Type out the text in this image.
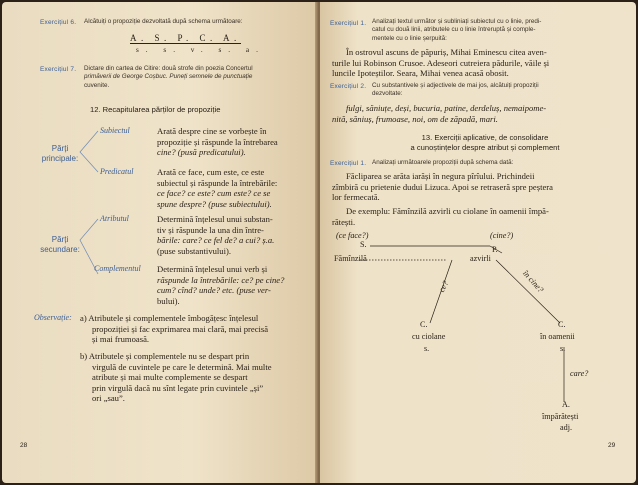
Exercițiul 6. Alcătuiți o propoziție dezvoltată după schema următoare:
A. S. P. C. A.
s. s. v. s. a.
Exercițiul 7. Dictare din cartea de Citire: două strofe din poezia Concertul
primăverii de George Coșbuc. Puneți semnele de punctuație
cuvenite.
12. Recapitularea părților de propoziție
Părți
principale:
Părți
secundare:
Subiectul	Arată despre cine se vorbește în
propoziție și răspunde la întrebarea
cine? (pusă predicatului).
Predicatul	Arată ce face, cum este, ce este
subiectul și răspunde la întrebările:
ce face? ce este? cum este? ce se
spune despre? (puse subiectului).
Atributul	Determină înțelesul unui substan-
tiv și răspunde la una din între-
bările: care? ce fel de? a cui? ș.a.
(puse substantivului).
Complementul Determină înțelesul unui verb și
răspunde la întrebările: ce? pe cine?
cum? cînd? unde? etc. (puse ver-
bului).
Observație: a) Atributele și complementele îmbogățesc înțelesul
propoziției și fac exprimarea mai clară, mai precisă
și mai frumoasă.
b) Atributele și complementele nu se despart prin
virgulă de cuvintele pe care le determină. Mai multe
atribute și mai multe complemente se despart
prin virgulă dacă nu sînt legate prin cuvintele „și”
ori „sau”.
28
Exercițiul 1. Analizați textul următor și subliniați subiectul cu o linie, predi-
catul cu două linii, atributele cu o linie întreruptă și comple-
mentele cu o linie șerpuită:
În ostrovul ascuns de păpuriș, Mihai Eminescu citea aven-
turile lui Robinson Crusoe. Adeseori cutreiera pădurile, văile și
luncile Ipoteștilor. Seara, Mihai venea acasă obosit.
Exercițiul 2. Cu substantivele și adjectivele de mai jos, alcătuiți propoziții
dezvoltate:
fulgi, săniuțe, deși, bucuria, patine, derdeluș, nemaipome-
nită, săniuș, frumoase, noi, om de zăpadă, mari.
13. Exerciții aplicative, de consolidare
a cunoștințelor despre atribut și complement
Exercițiul 1. Analizați următoarele propoziții după schema dată:
Făcliparea se arăta iarăși în negura pîrîului. Prichindeii
zîmbiră cu prietenie dudui Lizuca. Apoi se retraseră spre peștera
lor fermecată.
De exemplu: Fămînzilă azvirli cu ciolane în oamenii împă-
rătești.
(ce face?)	(cine?)
S.
P.
Fămînzilă	azvirli
ce?	în cine?
C.	C.
cu ciolane	în oamenii
s.	s.
care?
A.
împărătești
adj.
29
